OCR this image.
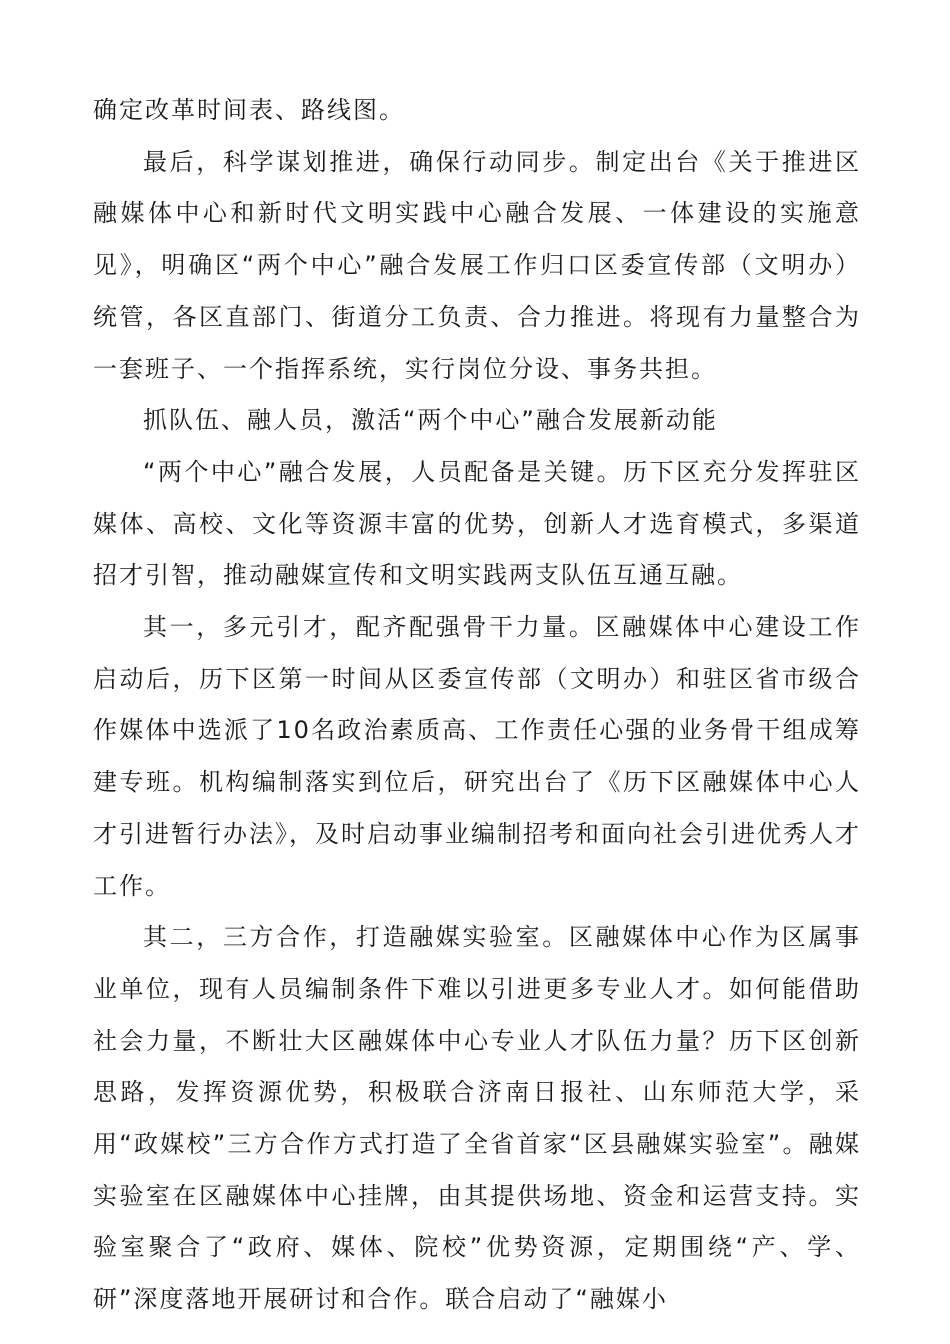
确定改革时间表、路线图。

最后，科学谋划推进，确保行动同步。制定出台《关于推进区融媒体中心和新时代文明实践中心融合发展、一体建设的实施意见》，明确区“两个中心”融合发展工作归口区委宣传部（文明办）统管，各区直部门、街道分工负责、合力推进。将现有力量整合为一套班子、一个指挥系统，实行岗位分设、事务共担。

抓队伍、融人员，激活“两个中心”融合发展新动能

“两个中心”融合发展，人员配备是关键。历下区充分发挥驻区媒体、高校、文化等资源丰富的优势，创新人才选育模式，多渠道招才引智，推动融媒宣传和文明实践两支队伍互通互融。

其一，多元引才，配齐配强骨干力量。区融媒体中心建设工作启动后，历下区第一时间从区委宣传部（文明办）和驻区省市级合作媒体中选派了10名政治素质高、工作责任心强的业务骨干组成筹建专班。机构编制落实到位后，研究出台了《历下区融媒体中心人才引进暂行办法》，及时启动事业编制招考和面向社会引进优秀人才工作。

其二，三方合作，打造融媒实验室。区融媒体中心作为区属事业单位，现有人员编制条件下难以引进更多专业人才。如何能借助社会力量，不断壮大区融媒体中心专业人才队伍力量？历下区创新思路，发挥资源优势，积极联合济南日报社、山东师范大学，采用“政媒校”三方合作方式打造了全省首家“区县融媒实验室”。融媒实验室在区融媒体中心挂牌，由其提供场地、资金和运营支持。实验室聚合了“政府、媒体、院校”优势资源，定期围绕“产、学、研”深度落地开展研讨和合作。联合启动了“融媒小
